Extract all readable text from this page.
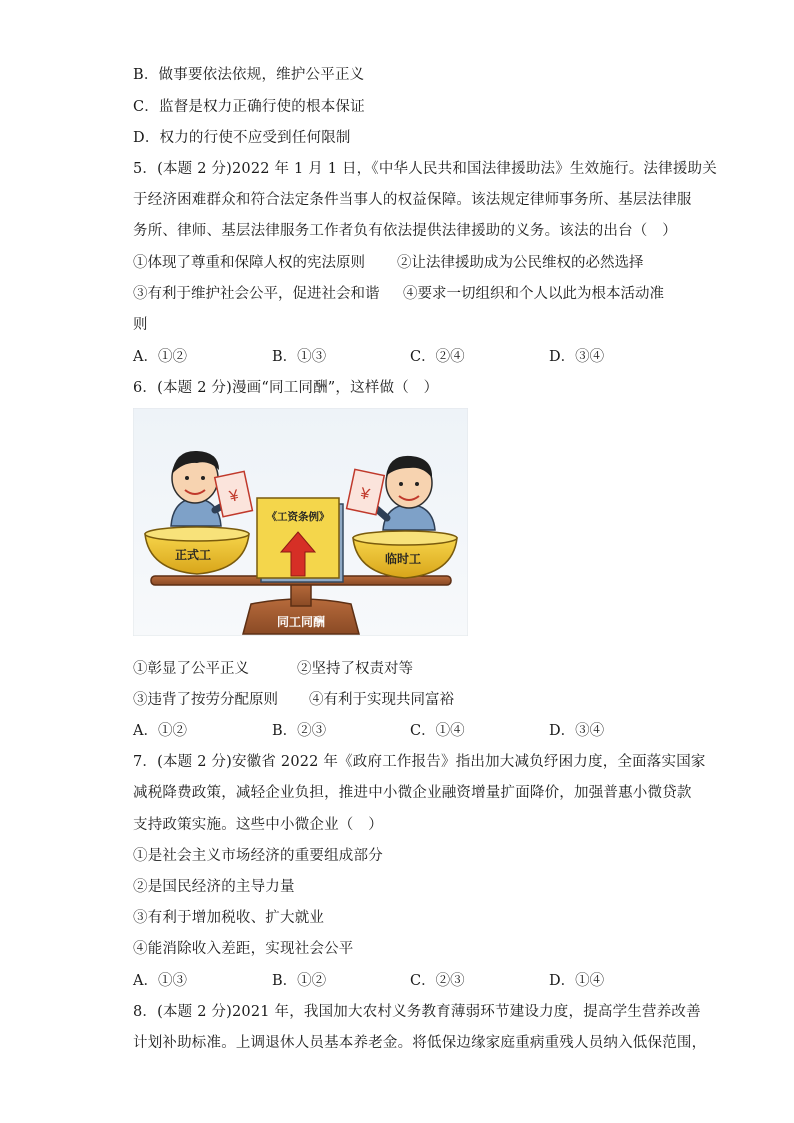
B．做事要依法依规，维护公平正义
C．监督是权力正确行使的根本保证
D．权力的行使不应受到任何限制
5．(本题 2 分)2022 年 1 月 1 日，《中华人民共和国法律援助法》生效施行。法律援助关
于经济困难群众和符合法定条件当事人的权益保障。该法规定律师事务所、基层法律服
务所、律师、基层法律服务工作者负有依法提供法律援助的义务。该法的出台（　）
①体现了尊重和保障人权的宪法原则 ②让法律援助成为公民维权的必然选择
③有利于维护社会公平，促进社会和谐 ④要求一切组织和个人以此为根本活动准
则
A．①②	B．①③	C．②④	D．③④
6．(本题 2 分)漫画“同工同酬”，这样做（　）
¥	¥
《工资条例》
正式工	临时工
同工同酬
①彰显了公平正义	②坚持了权责对等
③违背了按劳分配原则 ④有利于实现共同富裕
A．①②	B．②③	C．①④	D．③④
7．(本题 2 分)安徽省 2022 年《政府工作报告》指出加大减负纾困力度，全面落实国家
减税降费政策，减轻企业负担，推进中小微企业融资增量扩面降价，加强普惠小微贷款
支持政策实施。这些中小微企业（　）
①是社会主义市场经济的重要组成部分
②是国民经济的主导力量
③有利于增加税收、扩大就业
④能消除收入差距，实现社会公平
A．①③	B．①②	C．②③	D．①④
8．(本题 2 分)2021 年，我国加大农村义务教育薄弱环节建设力度，提高学生营养改善
计划补助标准。上调退休人员基本养老金。将低保边缘家庭重病重残人员纳入低保范围，
